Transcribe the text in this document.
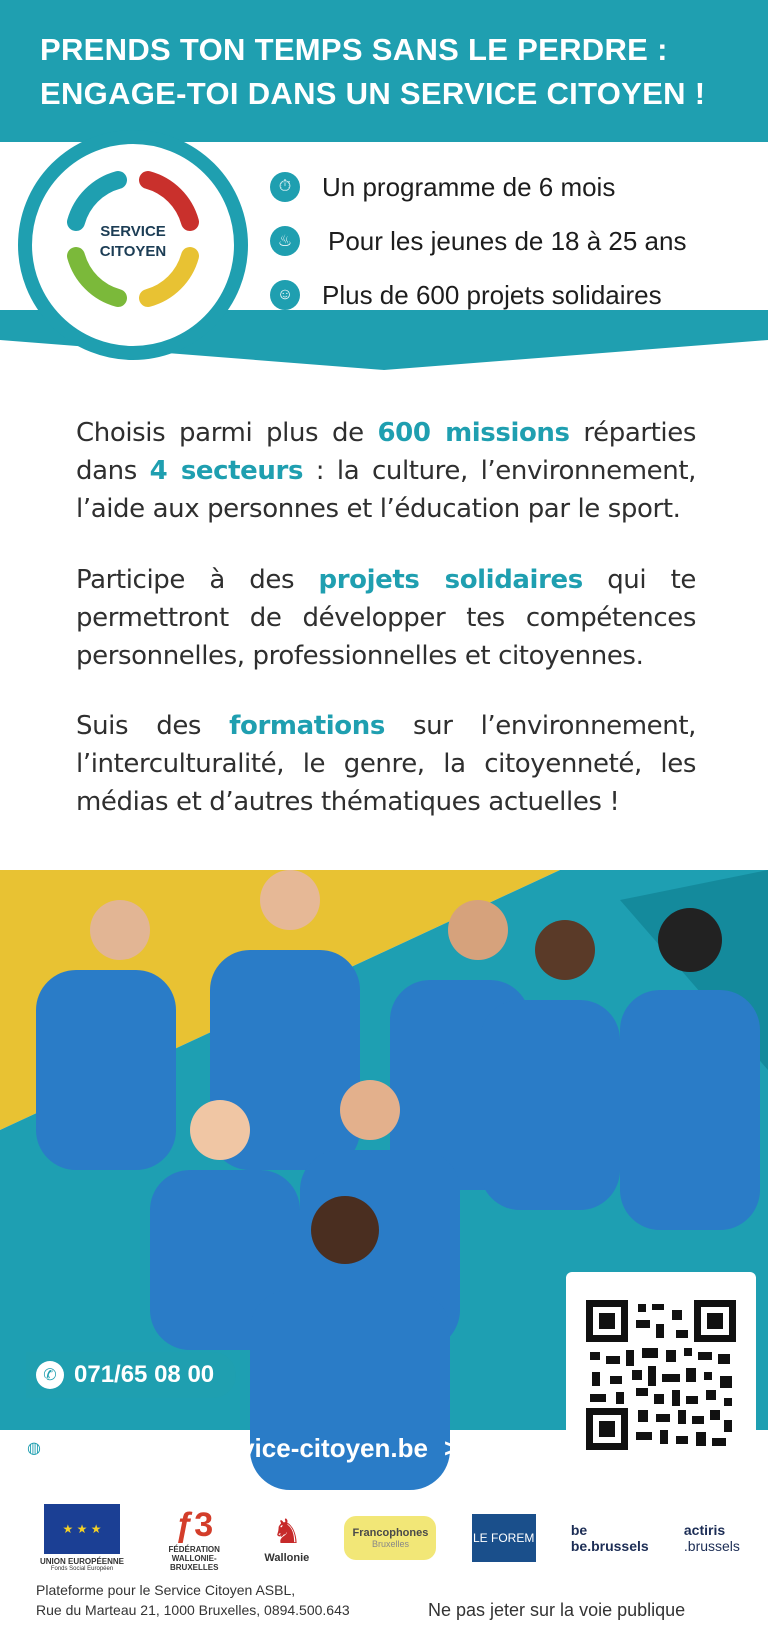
PRENDS TON TEMPS SANS LE PERDRE :
ENGAGE-TOI DANS UN SERVICE CITOYEN !
SERVICE
CITOYEN
⏱	Un programme de 6 mois
♨	Pour les jeunes de 18 à 25 ans
☺ Plus de 600 projets solidaires
Choisis parmi plus de 600 missions réparties dans 4 secteurs : la culture, l’environnement, l’aide aux personnes et l’éducation par le sport.
Participe à des projets solidaires qui te permettront de développer tes compétences personnelles, professionnelles et citoyennes.
Suis des formations sur l’environnement, l’interculturalité, le genre, la citoyenneté, les médias et d’autres thématiques actuelles !
✆ 071/65 08 00
◍ mamission.service-citoyen.be >>
★ ★ ★
UNION EUROPÉENNE
Fonds Social Européen
ƒ3
FÉDÉRATION WALLONIE-BRUXELLES
♞
Wallonie
Francophones
Bruxelles	LE FOREM	be
be.brussels
actiris
.brussels
Plateforme pour le Service Citoyen ASBL,
Rue du Marteau 21, 1000 Bruxelles, 0894.500.643	Ne pas jeter sur la voie publique
